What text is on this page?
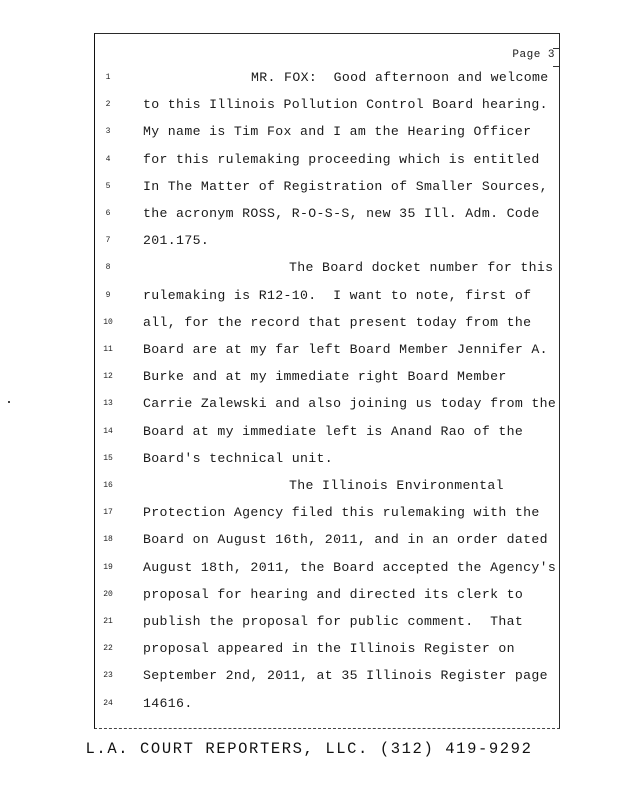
Page 3
1	MR. FOX:  Good afternoon and welcome
2	to this Illinois Pollution Control Board hearing.
3	My name is Tim Fox and I am the Hearing Officer
4	for this rulemaking proceeding which is entitled
5	In The Matter of Registration of Smaller Sources,
6	the acronym ROSS, R-O-S-S, new 35 Ill. Adm. Code
7	201.175.
8	The Board docket number for this
9	rulemaking is R12-10.  I want to note, first of
10	all, for the record that present today from the
11	Board are at my far left Board Member Jennifer A.
12	Burke and at my immediate right Board Member
13	Carrie Zalewski and also joining us today from the
14	Board at my immediate left is Anand Rao of the
15	Board's technical unit.
16	The Illinois Environmental
17	Protection Agency filed this rulemaking with the
18	Board on August 16th, 2011, and in an order dated
19	August 18th, 2011, the Board accepted the Agency's
20	proposal for hearing and directed its clerk to
21	publish the proposal for public comment.  That
22	proposal appeared in the Illinois Register on
23	September 2nd, 2011, at 35 Illinois Register page
24	14616.
L.A. COURT REPORTERS, LLC. (312) 419-9292
